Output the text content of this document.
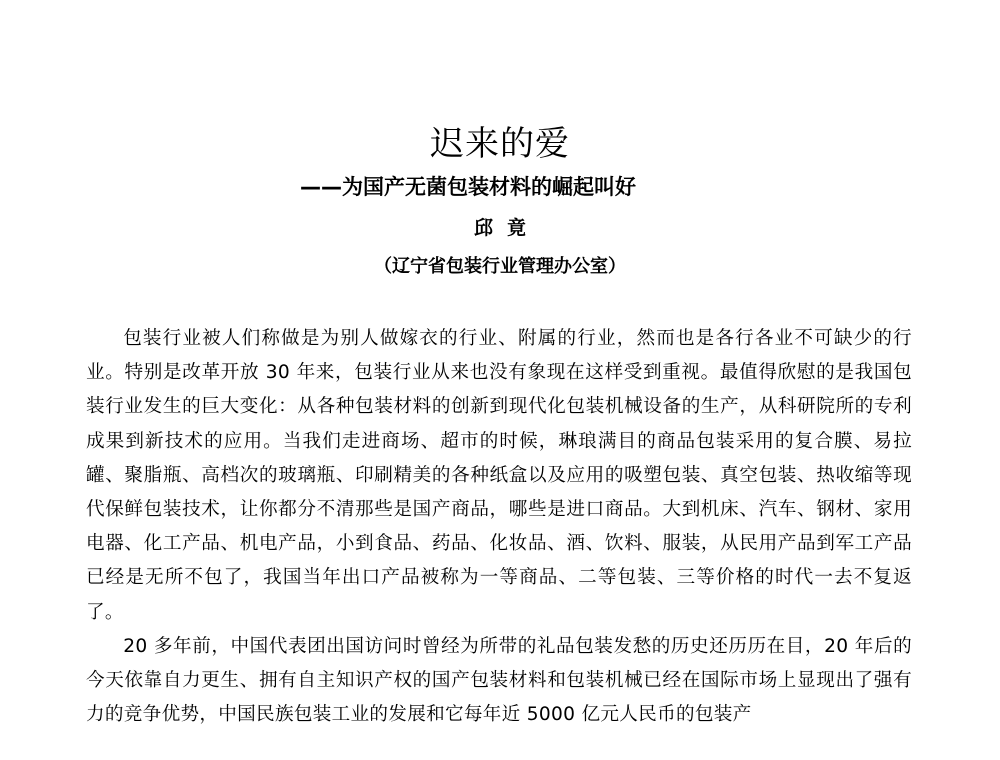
迟来的爱
——为国产无菌包装材料的崛起叫好
邱竟
（辽宁省包装行业管理办公室）

包装行业被人们称做是为别人做嫁衣的行业、附属的行业，然而也是各行各业不可缺少的行业。特别是改革开放 30 年来，包装行业从来也没有象现在这样受到重视。最值得欣慰的是我国包装行业发生的巨大变化：从各种包装材料的创新到现代化包装机械设备的生产，从科研院所的专利成果到新技术的应用。当我们走进商场、超市的时候，琳琅满目的商品包装采用的复合膜、易拉罐、聚脂瓶、高档次的玻璃瓶、印刷精美的各种纸盒以及应用的吸塑包装、真空包装、热收缩等现代保鲜包装技术，让你都分不清那些是国产商品，哪些是进口商品。大到机床、汽车、钢材、家用电器、化工产品、机电产品，小到食品、药品、化妆品、酒、饮料、服装，从民用产品到军工产品已经是无所不包了，我国当年出口产品被称为一等商品、二等包装、三等价格的时代一去不复返了。

20 多年前，中国代表团出国访问时曾经为所带的礼品包装发愁的历史还历历在目，20 年后的今天依靠自力更生、拥有自主知识产权的国产包装材料和包装机械已经在国际市场上显现出了强有力的竞争优势，中国民族包装工业的发展和它每年近 5000 亿元人民币的包装产
